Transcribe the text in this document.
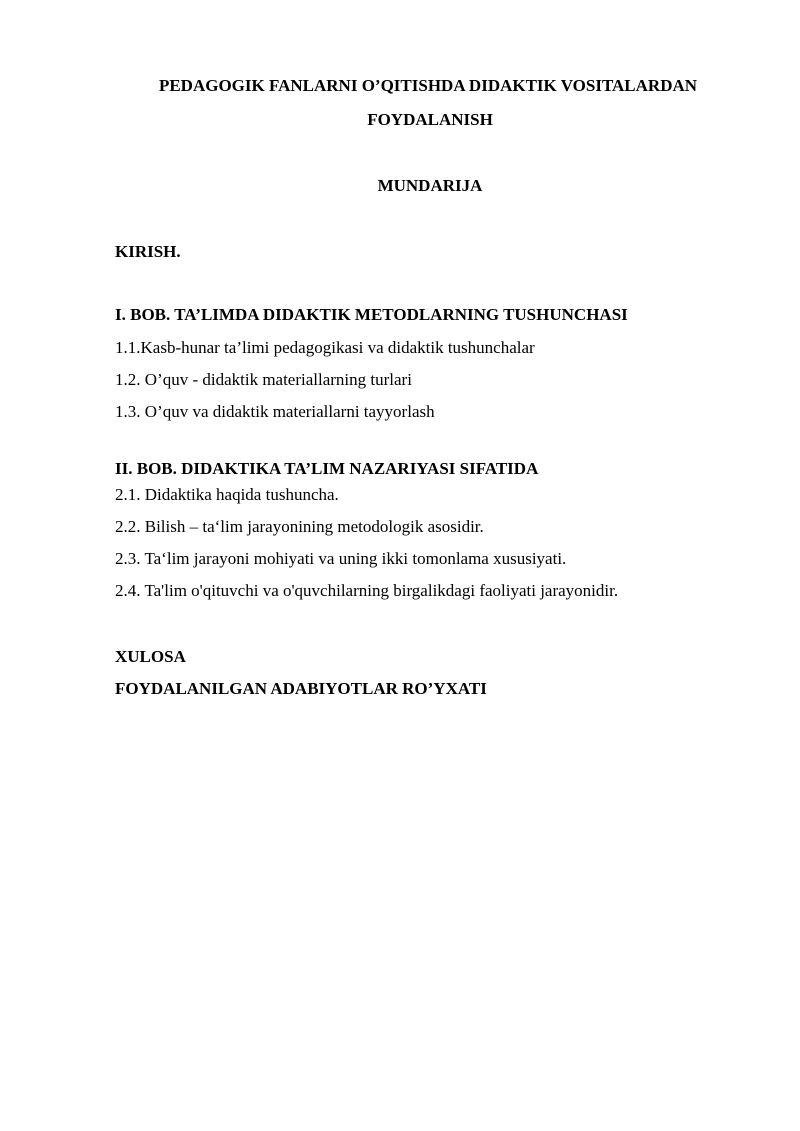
PEDAGOGIK FANLARNI O’QITISHDA DIDAKTIK VOSITALARDAN
FOYDALANISH
MUNDARIJA
KIRISH.
I. BOB. TA’LIMDA DIDAKTIK METODLARNING TUSHUNCHASI
1.1.Kasb-hunar ta’limi pedagogikasi va didaktik tushunchalar
1.2. O’quv - didaktik materiallarning turlari
1.3. O’quv va didaktik materiallarni tayyorlash
II. BOB. DIDAKTIKA TA’LIM NAZARIYASI SIFATIDA
2.1. Didaktika haqida tushuncha.
2.2. Bilish – ta‘lim jarayonining metodologik asosidir.
2.3. Ta‘lim jarayoni mohiyati va uning ikki tomonlama xususiyati.
2.4. Ta'lim o'qituvchi va o'quvchilarning birgalikdagi faoliyati jarayonidir.
XULOSA
FOYDALANILGAN ADABIYOTLAR RO’YXATI
